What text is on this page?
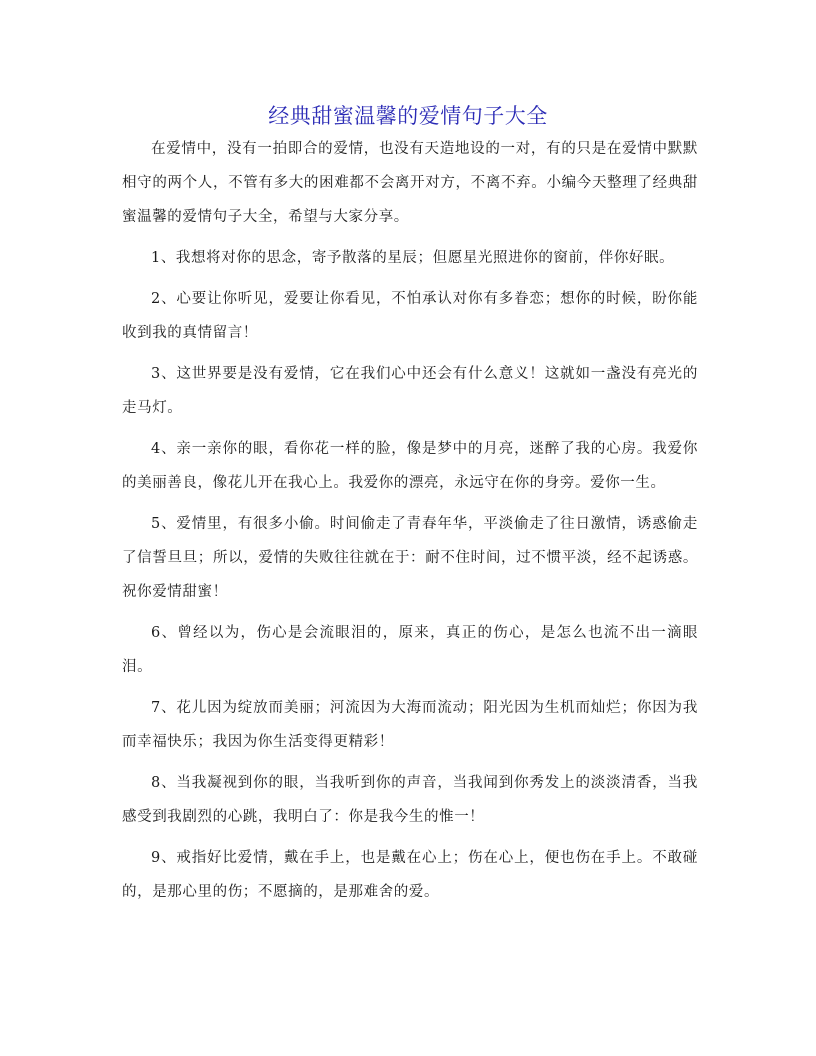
经典甜蜜温馨的爱情句子大全

在爱情中，没有一拍即合的爱情，也没有天造地设的一对，有的只是在爱情中默默相守的两个人，不管有多大的困难都不会离开对方，不离不弃。小编今天整理了经典甜蜜温馨的爱情句子大全，希望与大家分享。

1、我想将对你的思念，寄予散落的星辰；但愿星光照进你的窗前，伴你好眠。

2、心要让你听见，爱要让你看见，不怕承认对你有多眷恋；想你的时候，盼你能收到我的真情留言！

3、这世界要是没有爱情，它在我们心中还会有什么意义！这就如一盏没有亮光的走马灯。

4、亲一亲你的眼，看你花一样的脸，像是梦中的月亮，迷醉了我的心房。我爱你的美丽善良，像花儿开在我心上。我爱你的漂亮，永远守在你的身旁。爱你一生。

5、爱情里，有很多小偷。时间偷走了青春年华，平淡偷走了往日激情，诱惑偷走了信誓旦旦；所以，爱情的失败往往就在于：耐不住时间，过不惯平淡，经不起诱惑。祝你爱情甜蜜！

6、曾经以为，伤心是会流眼泪的，原来，真正的伤心，是怎么也流不出一滴眼泪。

7、花儿因为绽放而美丽；河流因为大海而流动；阳光因为生机而灿烂；你因为我而幸福快乐；我因为你生活变得更精彩！

8、当我凝视到你的眼，当我听到你的声音，当我闻到你秀发上的淡淡清香，当我感受到我剧烈的心跳，我明白了：你是我今生的惟一！

9、戒指好比爱情，戴在手上，也是戴在心上；伤在心上，便也伤在手上。不敢碰的，是那心里的伤；不愿摘的，是那难舍的爱。
